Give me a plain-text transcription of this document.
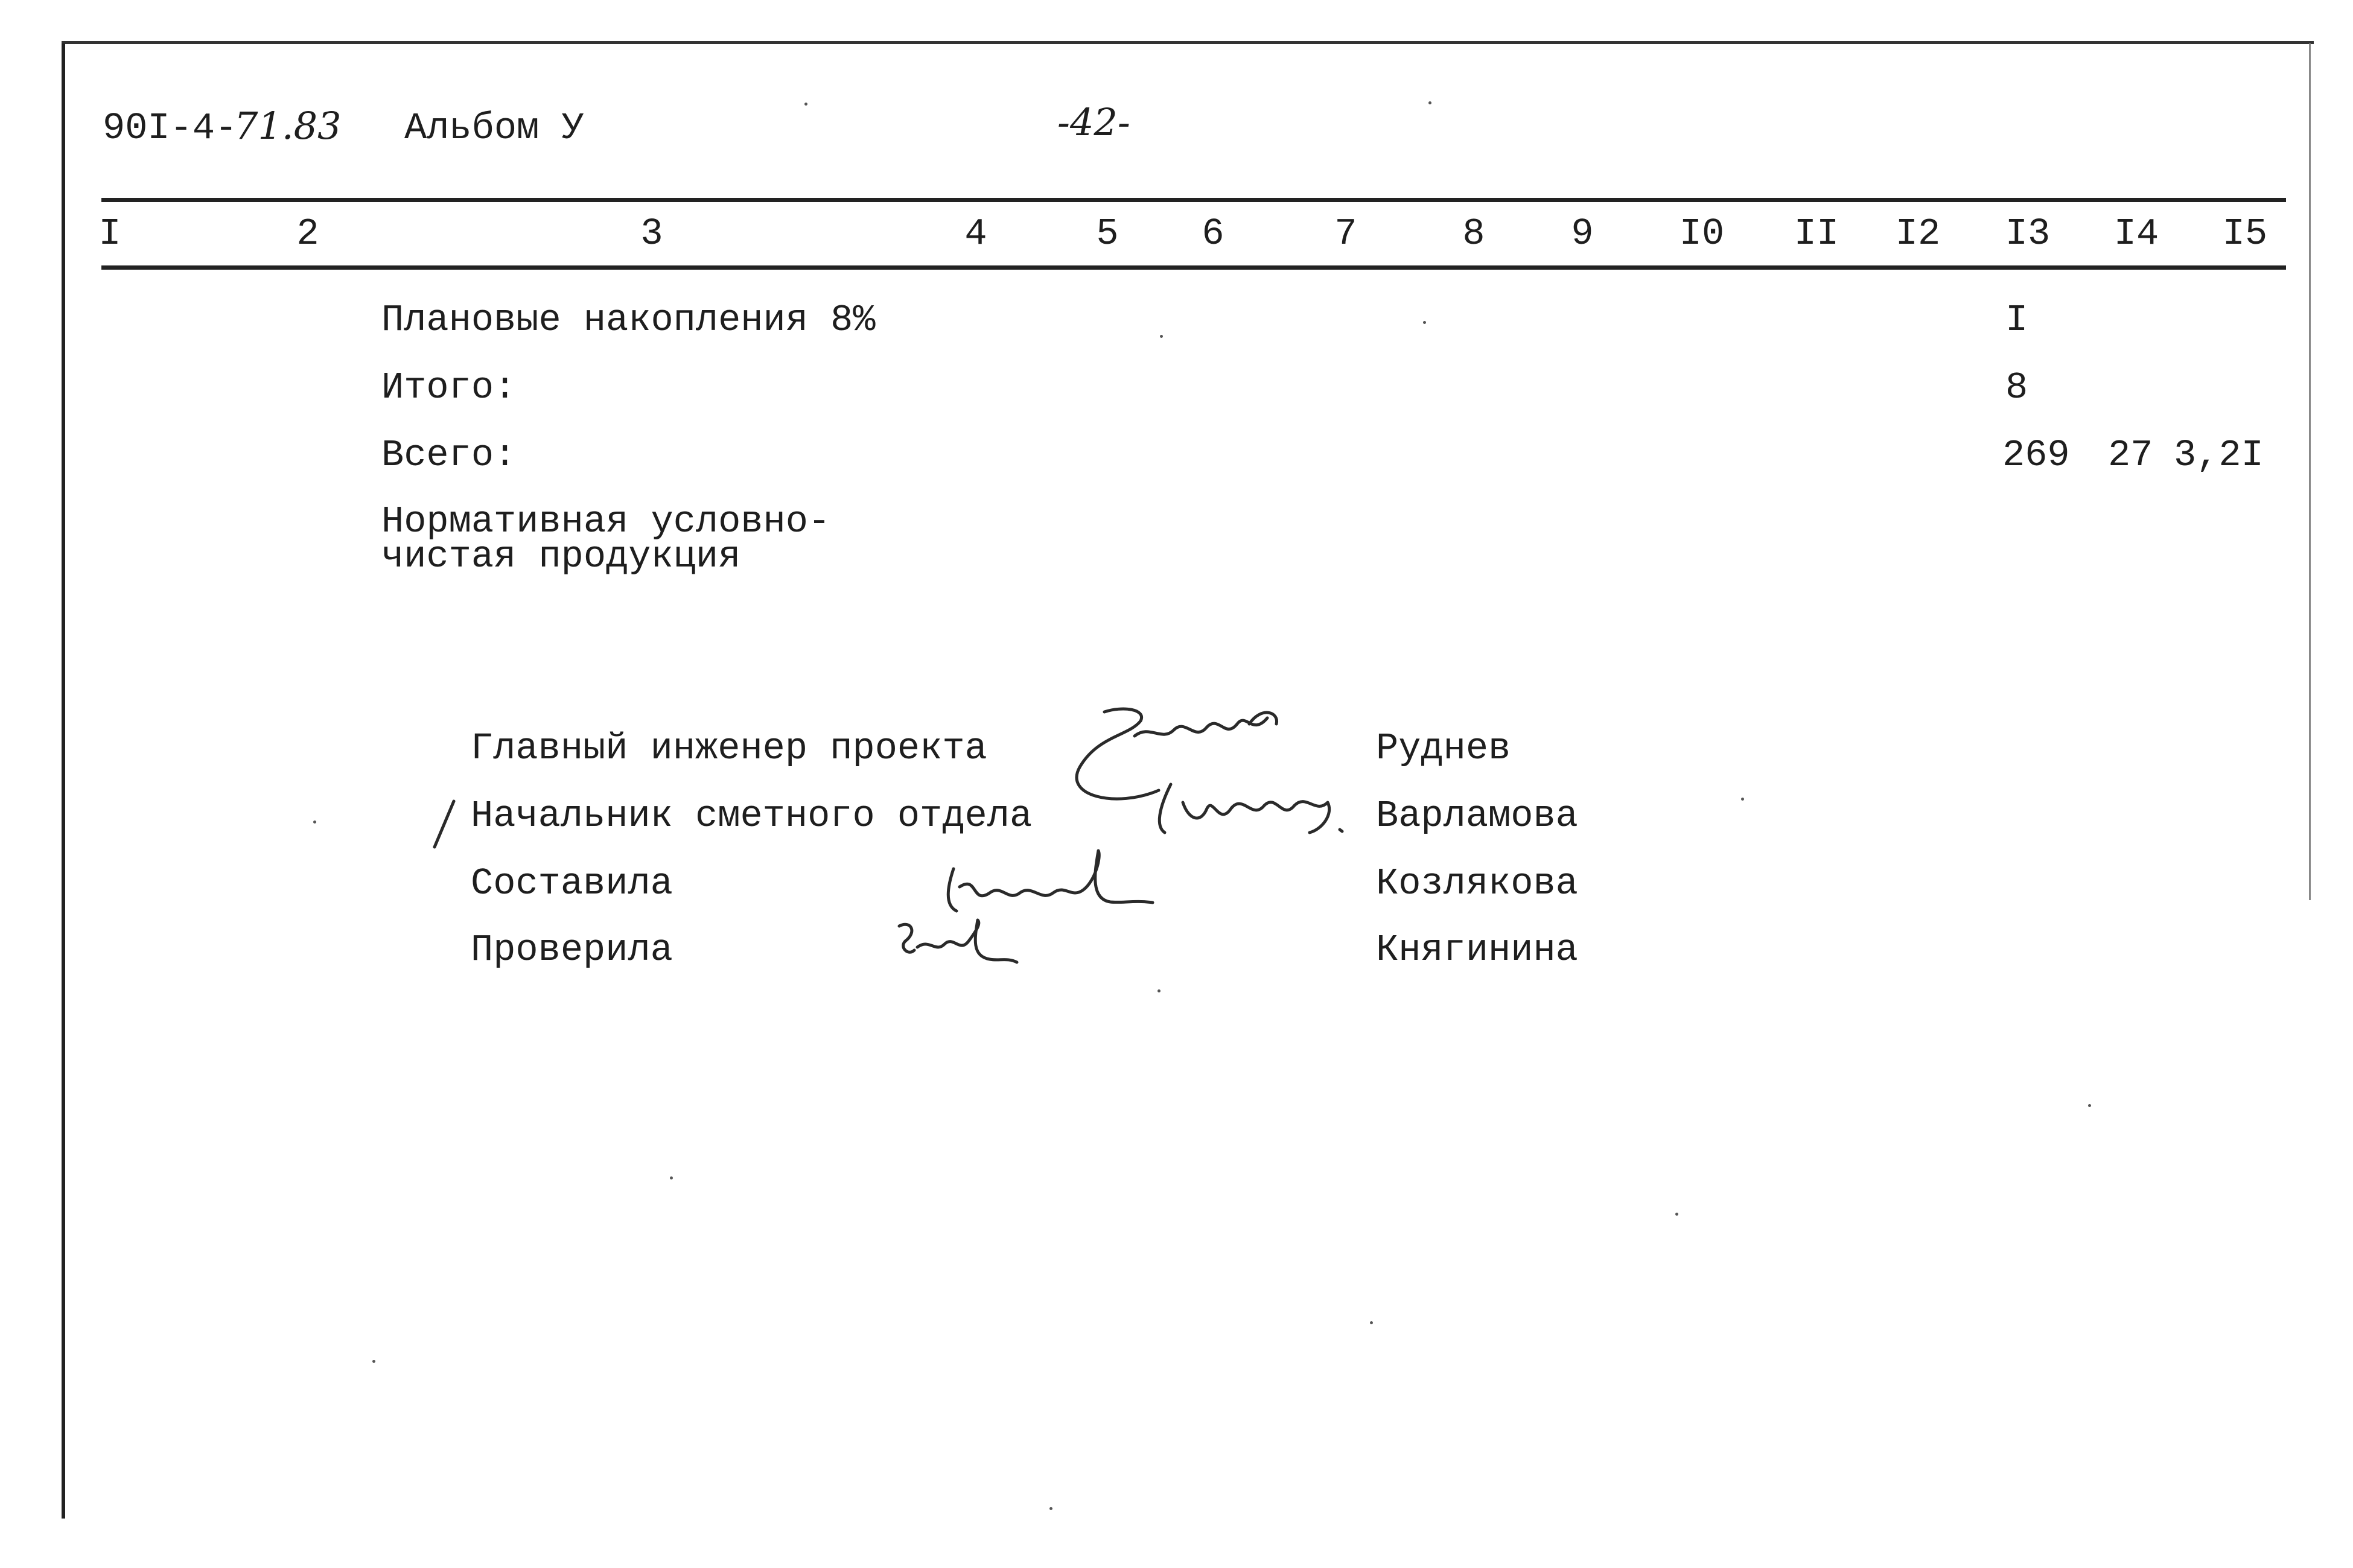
90I-4-
71.83 Альбом У	-42-
I	2	3	4	5 6	7	8 9 I0 II I2 I3 I4 I5
Плановые накопления 8%	I
Итого:	8
Всего:	269 27 3,2I
Нормативная условно-
чистая продукция
Главный инженер проекта	Руднев
Начальник сметного отдела	Варламова
Составила	Козлякова
Проверила	Княгинина
